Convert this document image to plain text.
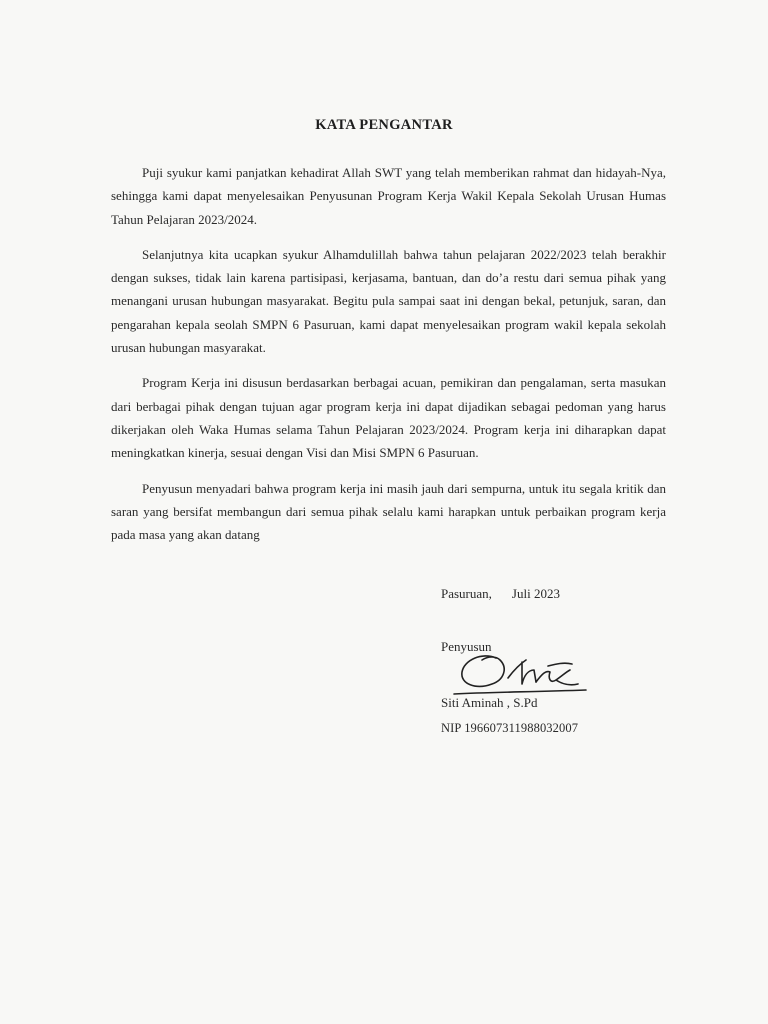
KATA PENGANTAR

Puji syukur kami panjatkan kehadirat Allah SWT yang telah memberikan rahmat dan hidayah-Nya, sehingga kami dapat menyelesaikan Penyusunan Program Kerja Wakil Kepala Sekolah Urusan Humas Tahun Pelajaran 2023/2024.

Selanjutnya kita ucapkan syukur Alhamdulillah bahwa tahun pelajaran 2022/2023 telah berakhir dengan sukses, tidak lain karena partisipasi, kerjasama, bantuan, dan do’a restu dari semua pihak yang menangani urusan hubungan masyarakat. Begitu pula sampai saat ini dengan bekal, petunjuk, saran, dan pengarahan kepala seolah SMPN 6 Pasuruan, kami dapat menyelesaikan program wakil kepala sekolah urusan hubungan masyarakat.

Program Kerja ini disusun berdasarkan berbagai acuan, pemikiran dan pengalaman, serta masukan dari berbagai pihak dengan tujuan agar program kerja ini dapat dijadikan sebagai pedoman yang harus dikerjakan oleh Waka Humas selama Tahun Pelajaran 2023/2024. Program kerja ini diharapkan dapat meningkatkan kinerja, sesuai dengan Visi dan Misi SMPN 6 Pasuruan.

Penyusun menyadari bahwa program kerja ini masih jauh dari sempurna, untuk itu segala kritik dan saran yang bersifat membangun dari semua pihak selalu kami harapkan untuk perbaikan program kerja pada masa yang akan datang

Pasuruan, Juli 2023
Penyusun
Siti Aminah , S.Pd
NIP 196607311988032007
